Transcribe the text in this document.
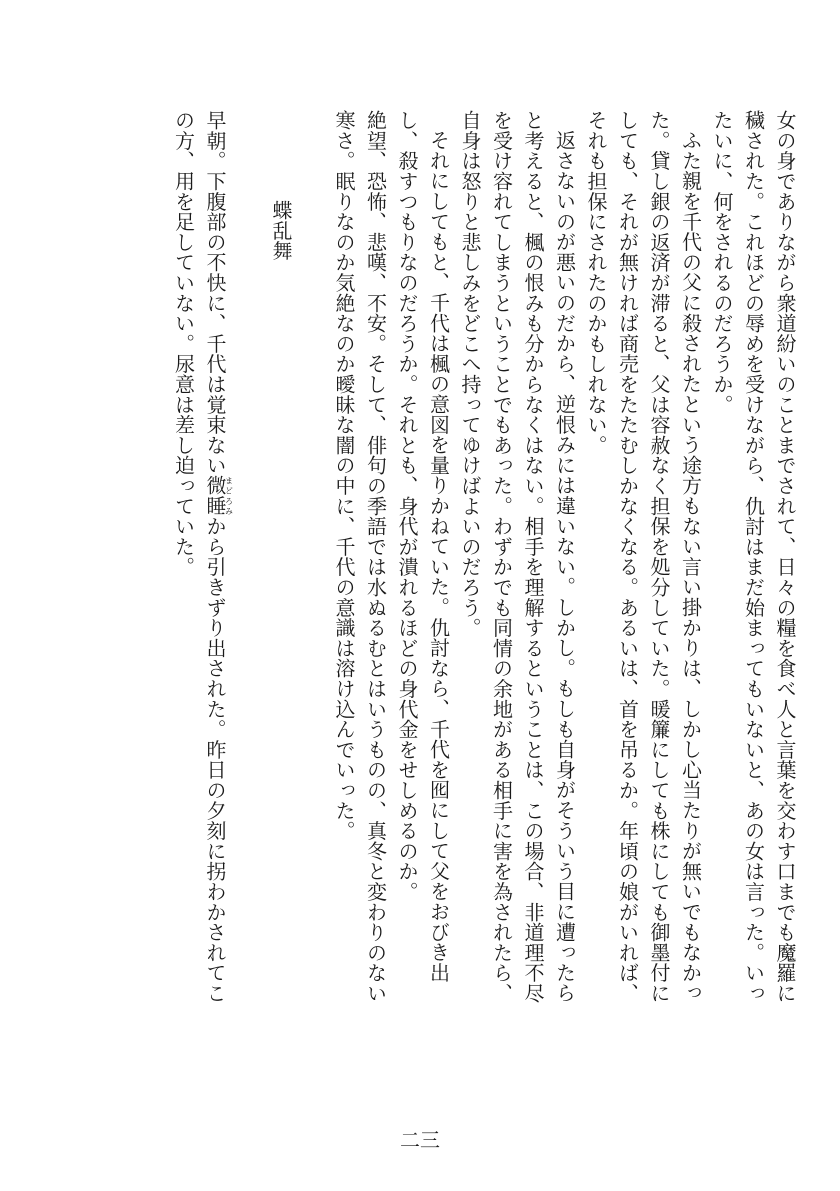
女の身でありながら衆道紛いのことまでされて、日々の糧を食べ人と言葉を交わす口までも魔羅に穢された。これほどの辱めを受けながら、仇討はまだ始まってもいないと、あの女は言った。いったいに、何をされるのだろうか。

ふた親を千代の父に殺されたという途方もない言い掛かりは、しかし心当たりが無いでもなかった。貸し銀の返済が滞ると、父は容赦なく担保を処分していた。暖簾にしても株にしても御墨付にしても、それが無ければ商売をたたむしかなくなる。あるいは、首を吊るか。年頃の娘がいれば、それも担保にされたのかもしれない。

返さないのが悪いのだから、逆恨みには違いない。しかし。もしも自身がそういう目に遭ったらと考えると、楓の恨みも分からなくはない。相手を理解するということは、この場合、非道理不尽を受け容れてしまうということでもあった。わずかでも同情の余地がある相手に害を為されたら、自身は怒りと悲しみをどこへ持ってゆけばよいのだろう。

それにしてもと、千代は楓の意図を量りかねていた。仇討なら、千代を囮にして父をおびき出し、殺すつもりなのだろうか。それとも、身代が潰れるほどの身代金をせしめるのか。

絶望、恐怖、悲嘆、不安。そして、俳句の季語では水ぬるむとはいうものの、真冬と変わりのない寒さ。眠りなのか気絶なのか曖昧な闇の中に、千代の意識は溶け込んでいった。

蝶乱舞

早朝。下腹部の不快に、千代は覚束ない微睡まどろみから引きずり出された。昨日の夕刻に拐わかされてこの方、用を足していない。尿意は差し迫っていた。

二三
